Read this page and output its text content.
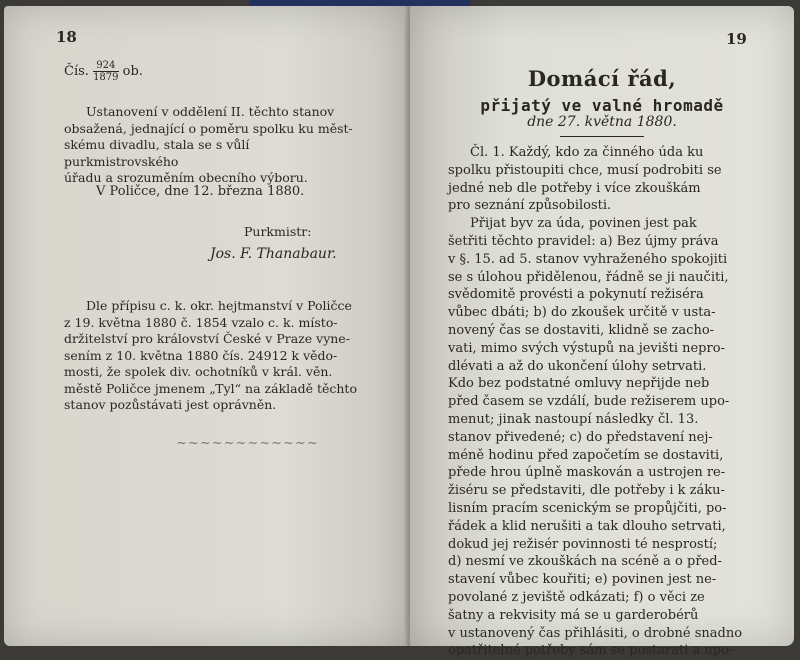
18
Čís. $\frac{924}{1879}$ ob.
Ustanovení v oddělení II. těchto stanov
obsažená, jednající o poměru spolku ku měst-
skému divadlu, stala se s vůlí purkmistrovského
úřadu a srozuměním obecního výboru.
V Poličce, dne 12. března 1880.
Purkmistr:
Jos. F. Thanabaur.
Dle přípisu c. k. okr. hejtmanství v Poličce
z 19. května 1880 č. 1854 vzalo c. k. místo-
držitelství pro království České v Praze vyne-
sením z 10. května 1880 čís. 24912 k vědo-
mosti, že spolek div. ochotníků v král. věn.
městě Poličce jmenem „Tyl“ na základě těchto
stanov pozůstávati jest oprávněn.
~~~~~~~~~~~~
19
Domácí řád,
přijatý ve valné hromadě
dne 27. května 1880.
Čl. 1. Každý, kdo za činného úda ku
spolku přistoupiti chce, musí podrobiti se
jedné neb dle potřeby i více zkouškám
pro seznání způsobilosti.
Přijat byv za úda, povinen jest pak
šetřiti těchto pravidel: a) Bez újmy práva
v §. 15. ad 5. stanov vyhraženého spokojiti
se s úlohou přidělenou, řádně se ji naučiti,
svědomitě provésti a pokynutí režiséra
vůbec dbáti; b) do zkoušek určitě v usta-
novený čas se dostaviti, klidně se zacho-
vati, mimo svých výstupů na jevišti nepro-
dlévati a až do ukončení úlohy setrvati.
Kdo bez podstatné omluvy nepřijde neb
před časem se vzdálí, bude režiserem upo-
menut; jinak nastoupí následky čl. 13.
stanov přivedené; c) do představení nej-
méně hodinu před započetím se dostaviti,
přede hrou úplně maskován a ustrojen re-
žiséru se představiti, dle potřeby i k záku-
lisním pracím scenickým se propůjčiti, po-
řádek a klid nerušiti a tak dlouho setrvati,
dokud jej režisér povinnosti té nesprostí;
d) nesmí ve zkouškách na scéně a o před-
stavení vůbec kouřiti; e) povinen jest ne-
povolané z jeviště odkázati; f) o věci ze
šatny a rekvisity má se u garderobérů
v ustanovený čas přihlásiti, o drobné snadno
opatřitelné potřeby sám se postarati a upo-
